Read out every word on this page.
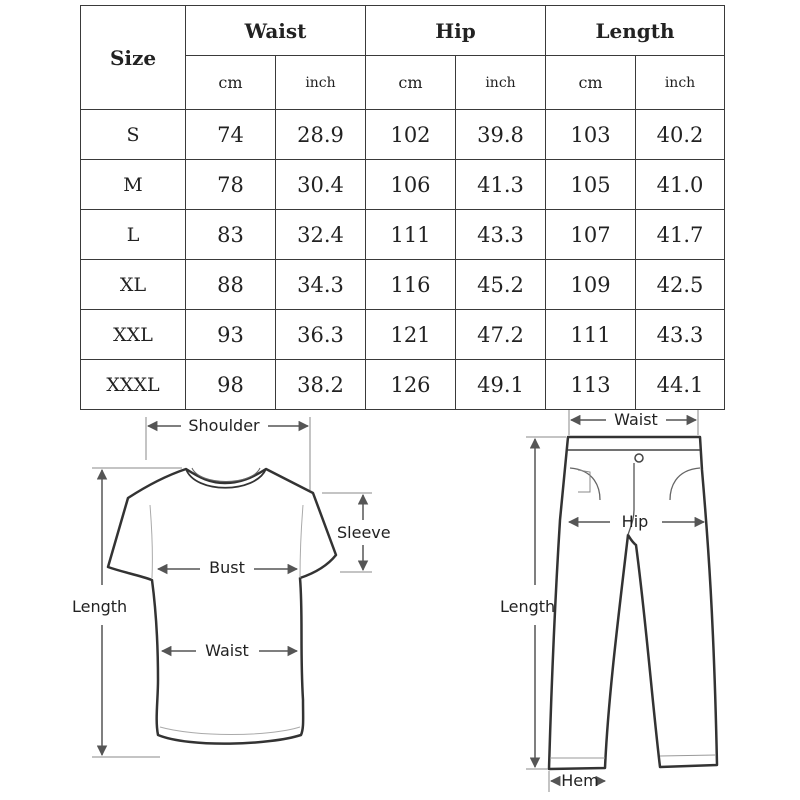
Size	Waist		Hip		Length	
	cm	inch	cm	inch	cm	inch
S	74	28.9	102	39.8	103	40.2
M	78	30.4	106	41.3	105	41.0
L	83	32.4	111	43.3	107	41.7
XL	88	34.3	116	45.2	109	42.5
XXL	93	36.3	121	47.2	111	43.3
XXXL	98	38.2	126	49.1	113	44.1
Shoulder
Sleeve
Bust
Waist
Length
Waist
Hip
Length
Hem
